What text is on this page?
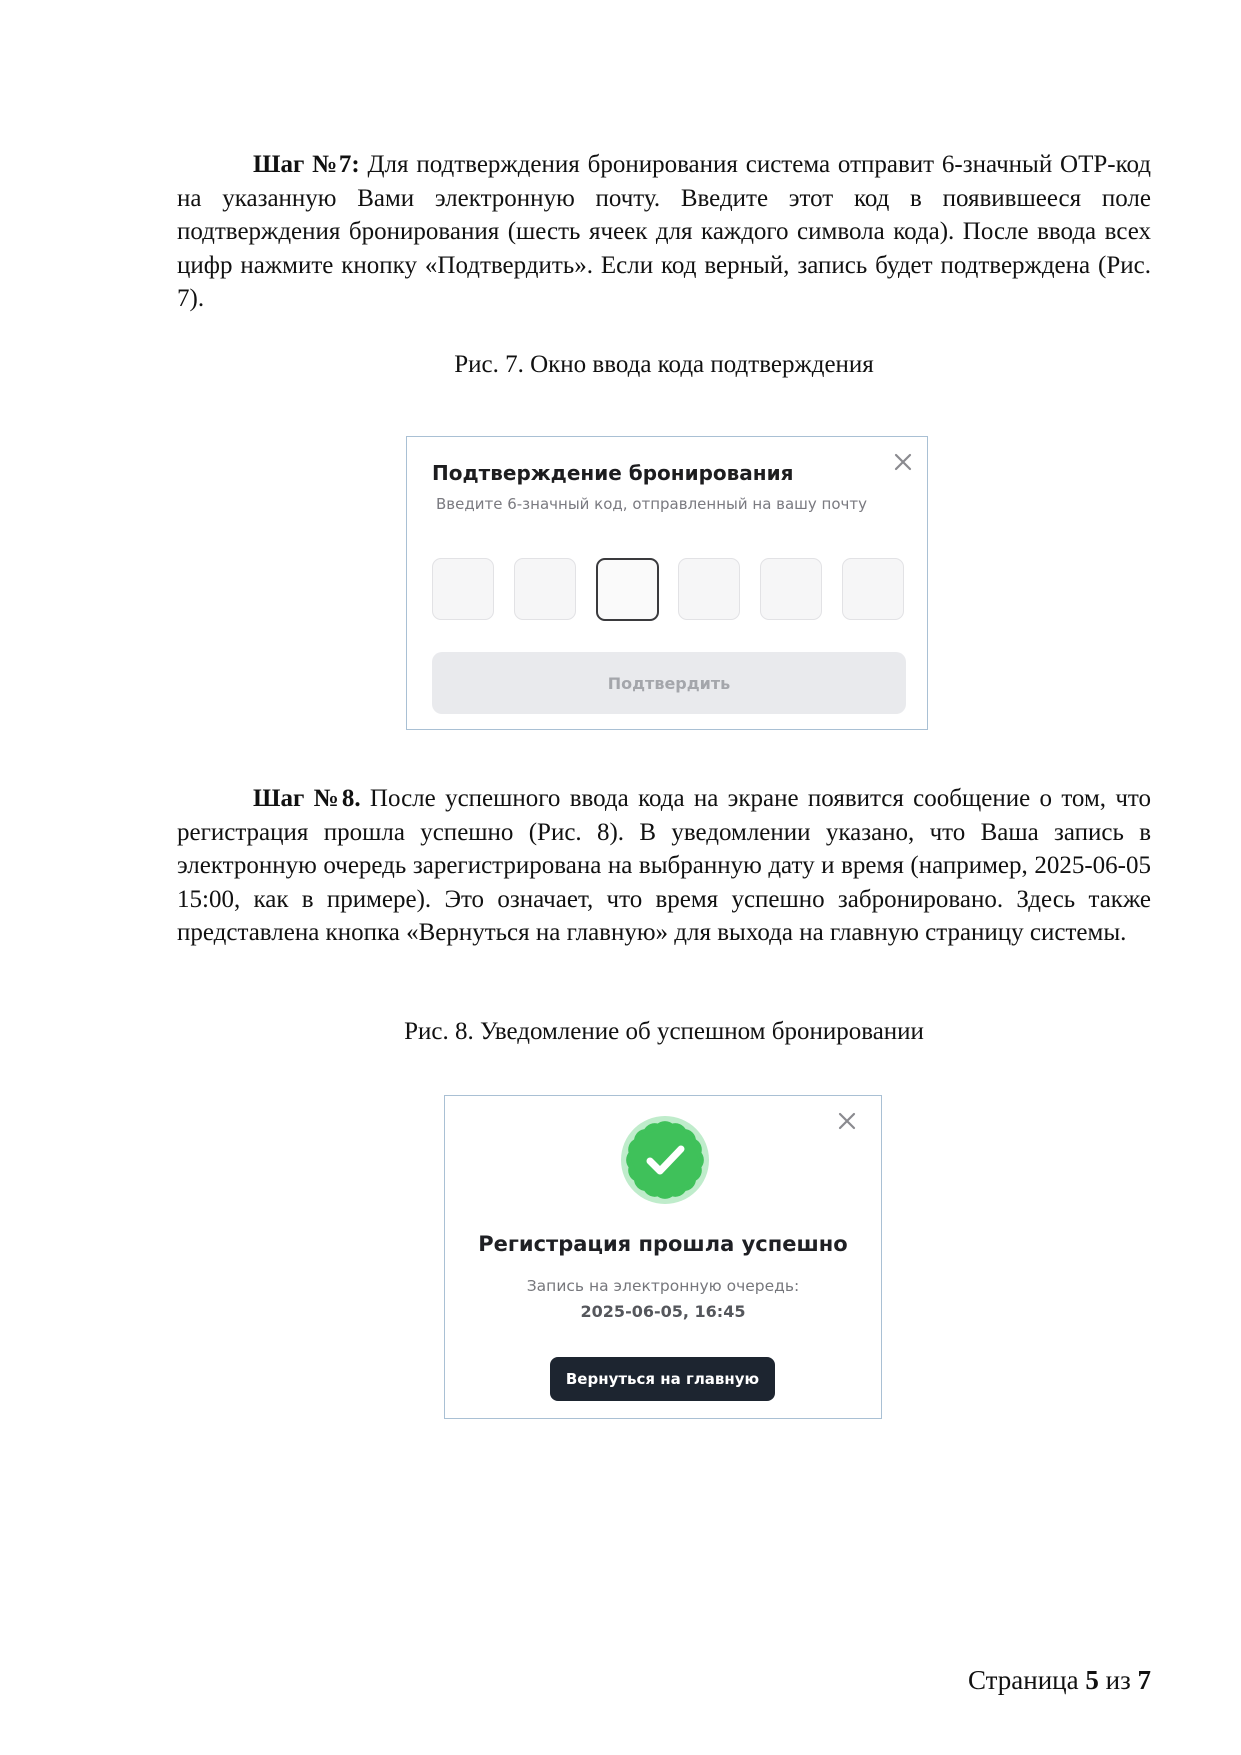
Шаг №7: Для подтверждения бронирования система отправит 6-значный OTP-код на указанную Вами электронную почту. Введите этот код в появившееся поле подтверждения бронирования (шесть ячеек для каждого символа кода). После ввода всех цифр нажмите кнопку «Подтвердить». Если код верный, запись будет подтверждена (Рис. 7).

Рис. 7. Окно ввода кода подтверждения

Подтверждение бронирования
Введите 6-значный код, отправленный на вашу почту
Подтвердить

Шаг №8. После успешного ввода кода на экране появится сообщение о том, что регистрация прошла успешно (Рис. 8). В уведомлении указано, что Ваша запись в электронную очередь зарегистрирована на выбранную дату и время (например, 2025-06-05 15:00, как в примере). Это означает, что время успешно забронировано. Здесь также представлена кнопка «Вернуться на главную» для выхода на главную страницу системы.

Рис. 8. Уведомление об успешном бронировании

Регистрация прошла успешно
Запись на электронную очередь:
2025-06-05, 16:45
Вернуться на главную

Страница 5 из 7
